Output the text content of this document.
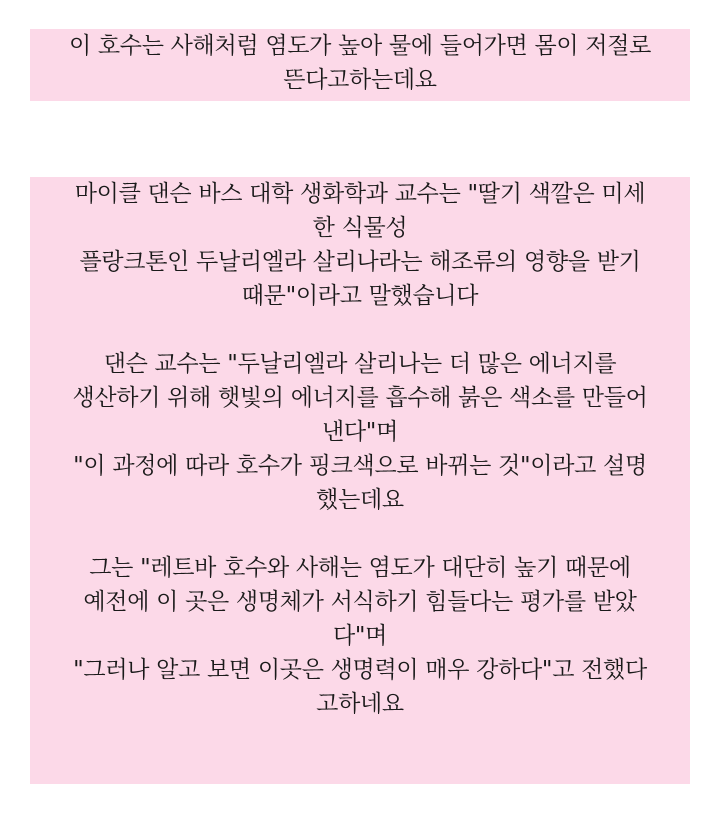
이 호수는 사해처럼 염도가 높아 물에 들어가면 몸이 저절로
뜬다고하는데요
마이클 댄슨 바스 대학 생화학과 교수는 "딸기 색깔은 미세
한 식물성
플랑크톤인 두날리엘라 살리나라는 해조류의 영향을 받기
때문"이라고 말했습니다
댄슨 교수는 "두날리엘라 살리나는 더 많은 에너지를
생산하기 위해 햇빛의 에너지를 흡수해 붉은 색소를 만들어
낸다"며
"이 과정에 따라 호수가 핑크색으로 바뀌는 것"이라고 설명
했는데요
그는 "레트바 호수와 사해는 염도가 대단히 높기 때문에
예전에 이 곳은 생명체가 서식하기 힘들다는 평가를 받았
다"며
"그러나 알고 보면 이곳은 생명력이 매우 강하다"고 전했다
고하네요
